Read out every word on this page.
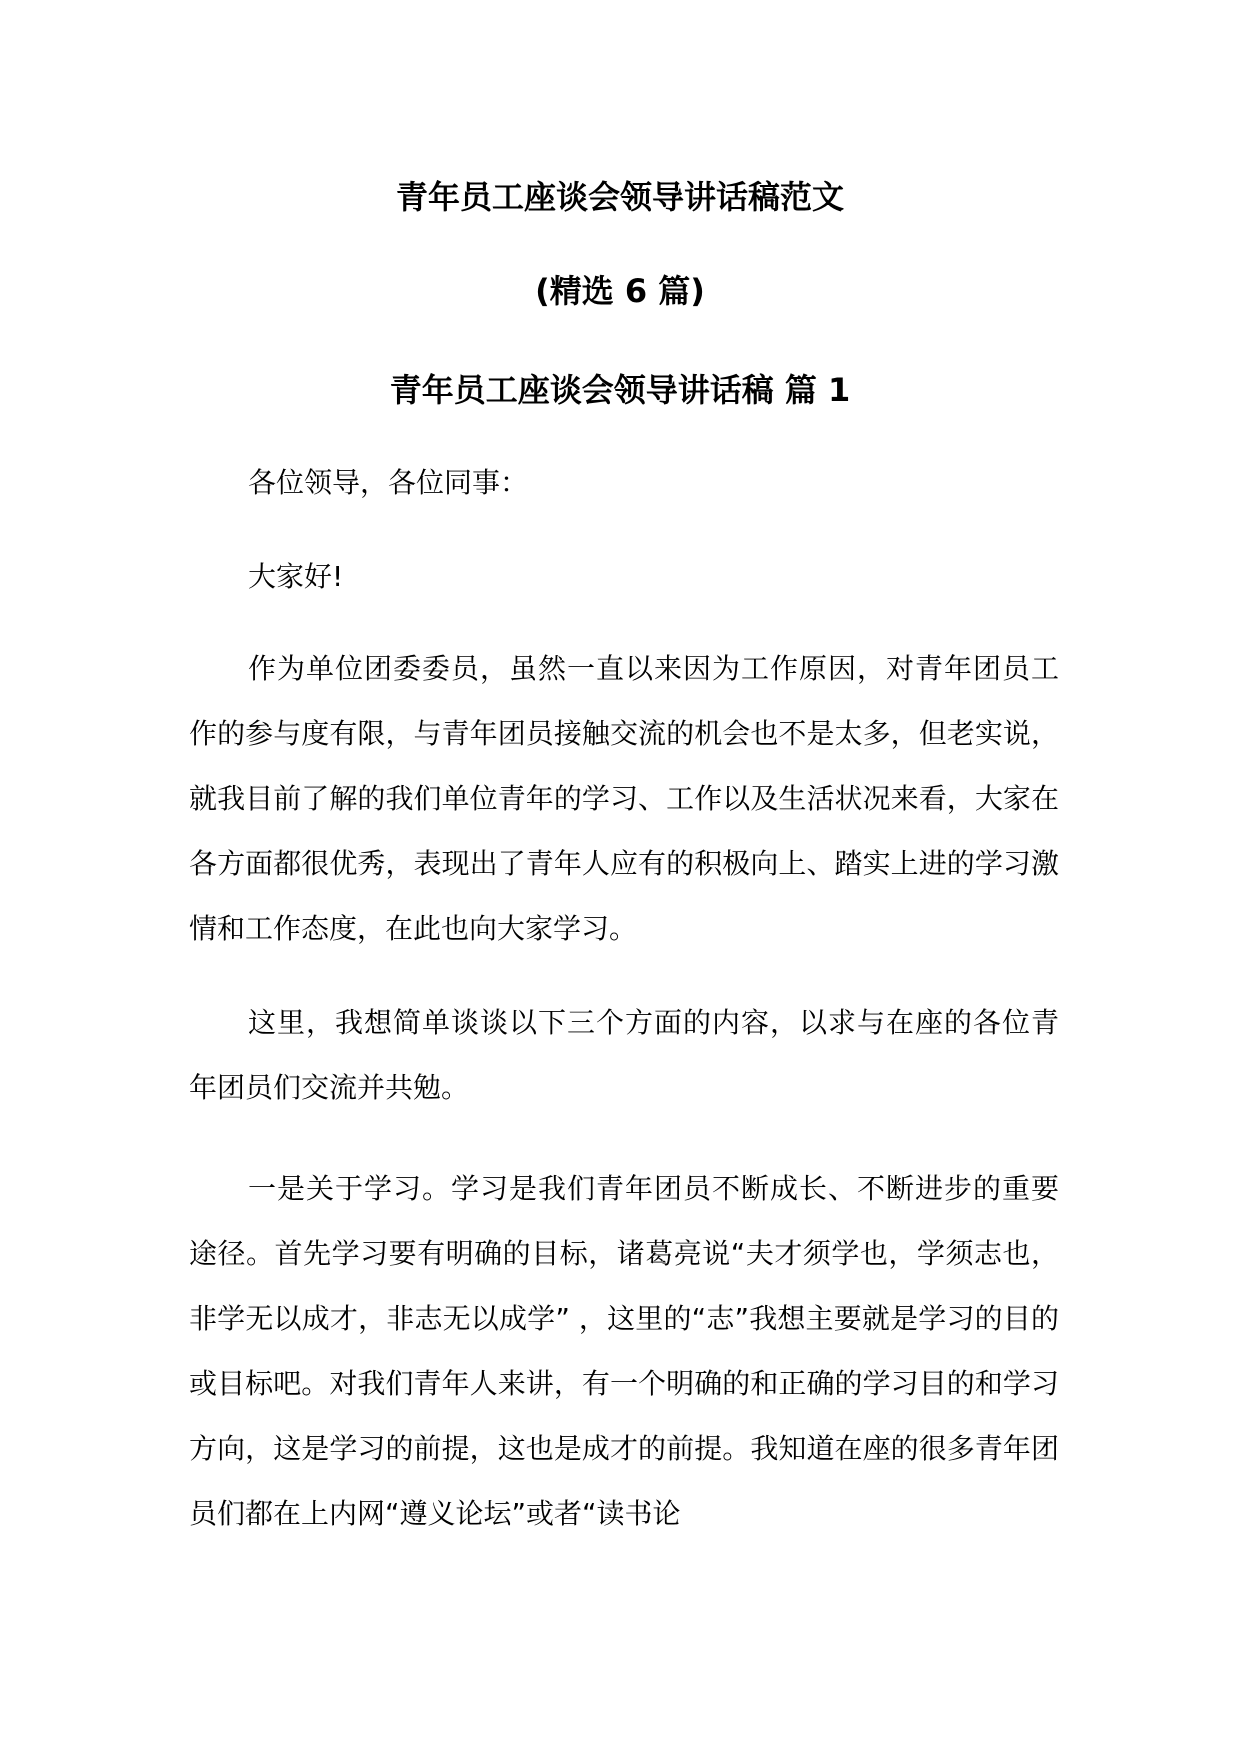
青年员工座谈会领导讲话稿范文
(精选 6 篇)
青年员工座谈会领导讲话稿 篇 1

各位领导，各位同事：

大家好!

作为单位团委委员，虽然一直以来因为工作原因，对青年团员工作的参与度有限，与青年团员接触交流的机会也不是太多，但老实说，就我目前了解的我们单位青年的学习、工作以及生活状况来看，大家在各方面都很优秀，表现出了青年人应有的积极向上、踏实上进的学习激情和工作态度，在此也向大家学习。

这里，我想简单谈谈以下三个方面的内容，以求与在座的各位青年团员们交流并共勉。

一是关于学习。学习是我们青年团员不断成长、不断进步的重要途径。首先学习要有明确的目标，诸葛亮说“夫才须学也，学须志也，非学无以成才，非志无以成学” ，这里的“志”我想主要就是学习的目的或目标吧。对我们青年人来讲，有一个明确的和正确的学习目的和学习方向，这是学习的前提，这也是成才的前提。我知道在座的很多青年团员们都在上内网“遵义论坛”或者“读书论
